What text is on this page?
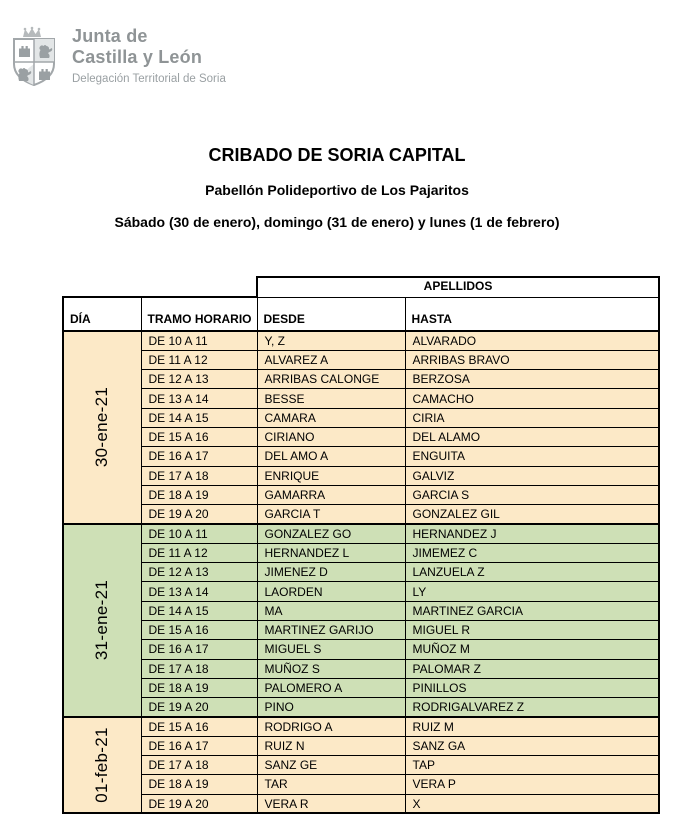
Junta de
Castilla y León
Delegación Territorial de Soria
CRIBADO DE SORIA CAPITAL
Pabellón Polideportivo de Los Pajaritos
Sábado (30 de enero), domingo (31 de enero) y lunes (1 de febrero)
		APELLIDOS	
DÍA	TRAMO HORARIO	DESDE	HASTA

30-ene-21	DE 10 A 11	Y, Z	ALVARADO
	DE 11 A 12	ALVAREZ A	ARRIBAS BRAVO
	DE 12 A 13	ARRIBAS CALONGE	BERZOSA
	DE 13 A 14	BESSE	CAMACHO
	DE 14 A 15	CAMARA	CIRIA
	DE 15 A 16	CIRIANO	DEL ALAMO
	DE 16 A 17	DEL AMO A	ENGUITA
	DE 17 A 18	ENRIQUE	GALVIZ
	DE 18 A 19	GAMARRA	GARCIA S
	DE 19 A 20	GARCIA T	GONZALEZ GIL

31-ene-21	DE 10 A 11	GONZALEZ GO	HERNANDEZ J
	DE 11 A 12	HERNANDEZ L	JIMEMEZ C
	DE 12 A 13	JIMENEZ D	LANZUELA Z
	DE 13 A 14	LAORDEN	LY
	DE 14 A 15	MA	MARTINEZ GARCIA
	DE 15 A 16	MARTINEZ GARIJO	MIGUEL R
	DE 16 A 17	MIGUEL S	MUÑOZ M
	DE 17 A 18	MUÑOZ S	PALOMAR Z
	DE 18 A 19	PALOMERO A	PINILLOS
	DE 19 A 20	PINO	RODRIGALVAREZ Z

01-feb-21	DE 15 A 16	RODRIGO A	RUIZ M
	DE 16 A 17	RUIZ N	SANZ GA
	DE 17 A 18	SANZ GE	TAP
	DE 18 A 19	TAR	VERA P
	DE 19 A 20	VERA R	X
